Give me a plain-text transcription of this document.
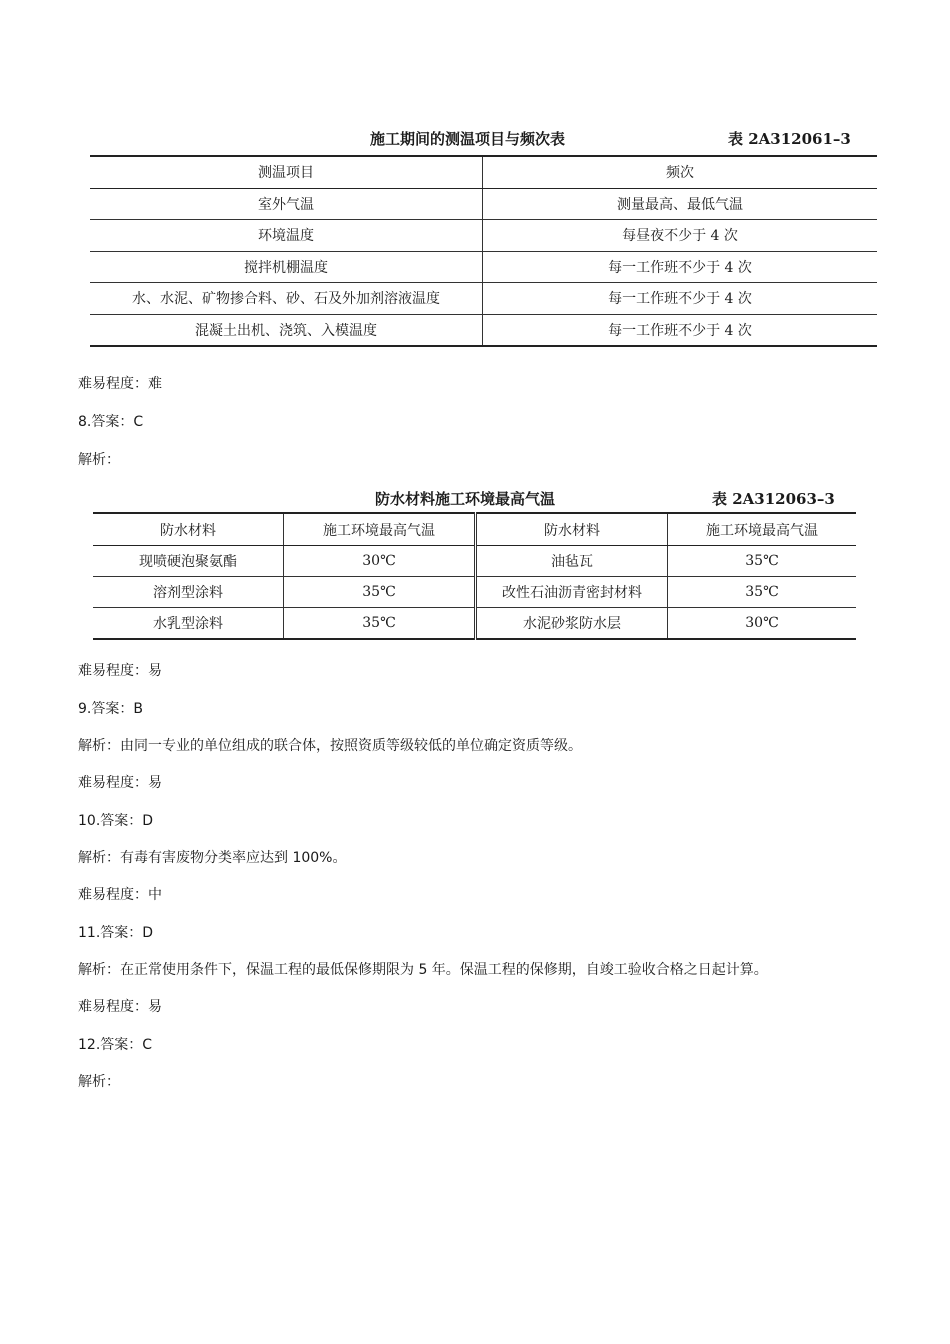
施工期间的测温项目与频次表	表 2A312061–3
测温项目	频次
室外气温	测量最高、最低气温
环境温度	每昼夜不少于 4 次
搅拌机棚温度	每一工作班不少于 4 次
水、水泥、矿物掺合料、砂、石及外加剂溶液温度	每一工作班不少于 4 次
混凝土出机、浇筑、入模温度	每一工作班不少于 4 次
难易程度：难
8.答案：C
解析：
防水材料施工环境最高气温	表 2A312063–3
防水材料	施工环境最高气温	防水材料	施工环境最高气温
现喷硬泡聚氨酯	30℃	油毡瓦	35℃
溶剂型涂料	35℃	改性石油沥青密封材料	35℃
水乳型涂料	35℃	水泥砂浆防水层	30℃
难易程度：易
9.答案：B
解析：由同一专业的单位组成的联合体，按照资质等级较低的单位确定资质等级。
难易程度：易
10.答案：D
解析：有毒有害废物分类率应达到 100%。
难易程度：中
11.答案：D
解析：在正常使用条件下，保温工程的最低保修期限为 5 年。保温工程的保修期，自竣工验收合格之日起计算。
难易程度：易
12.答案：C
解析：
